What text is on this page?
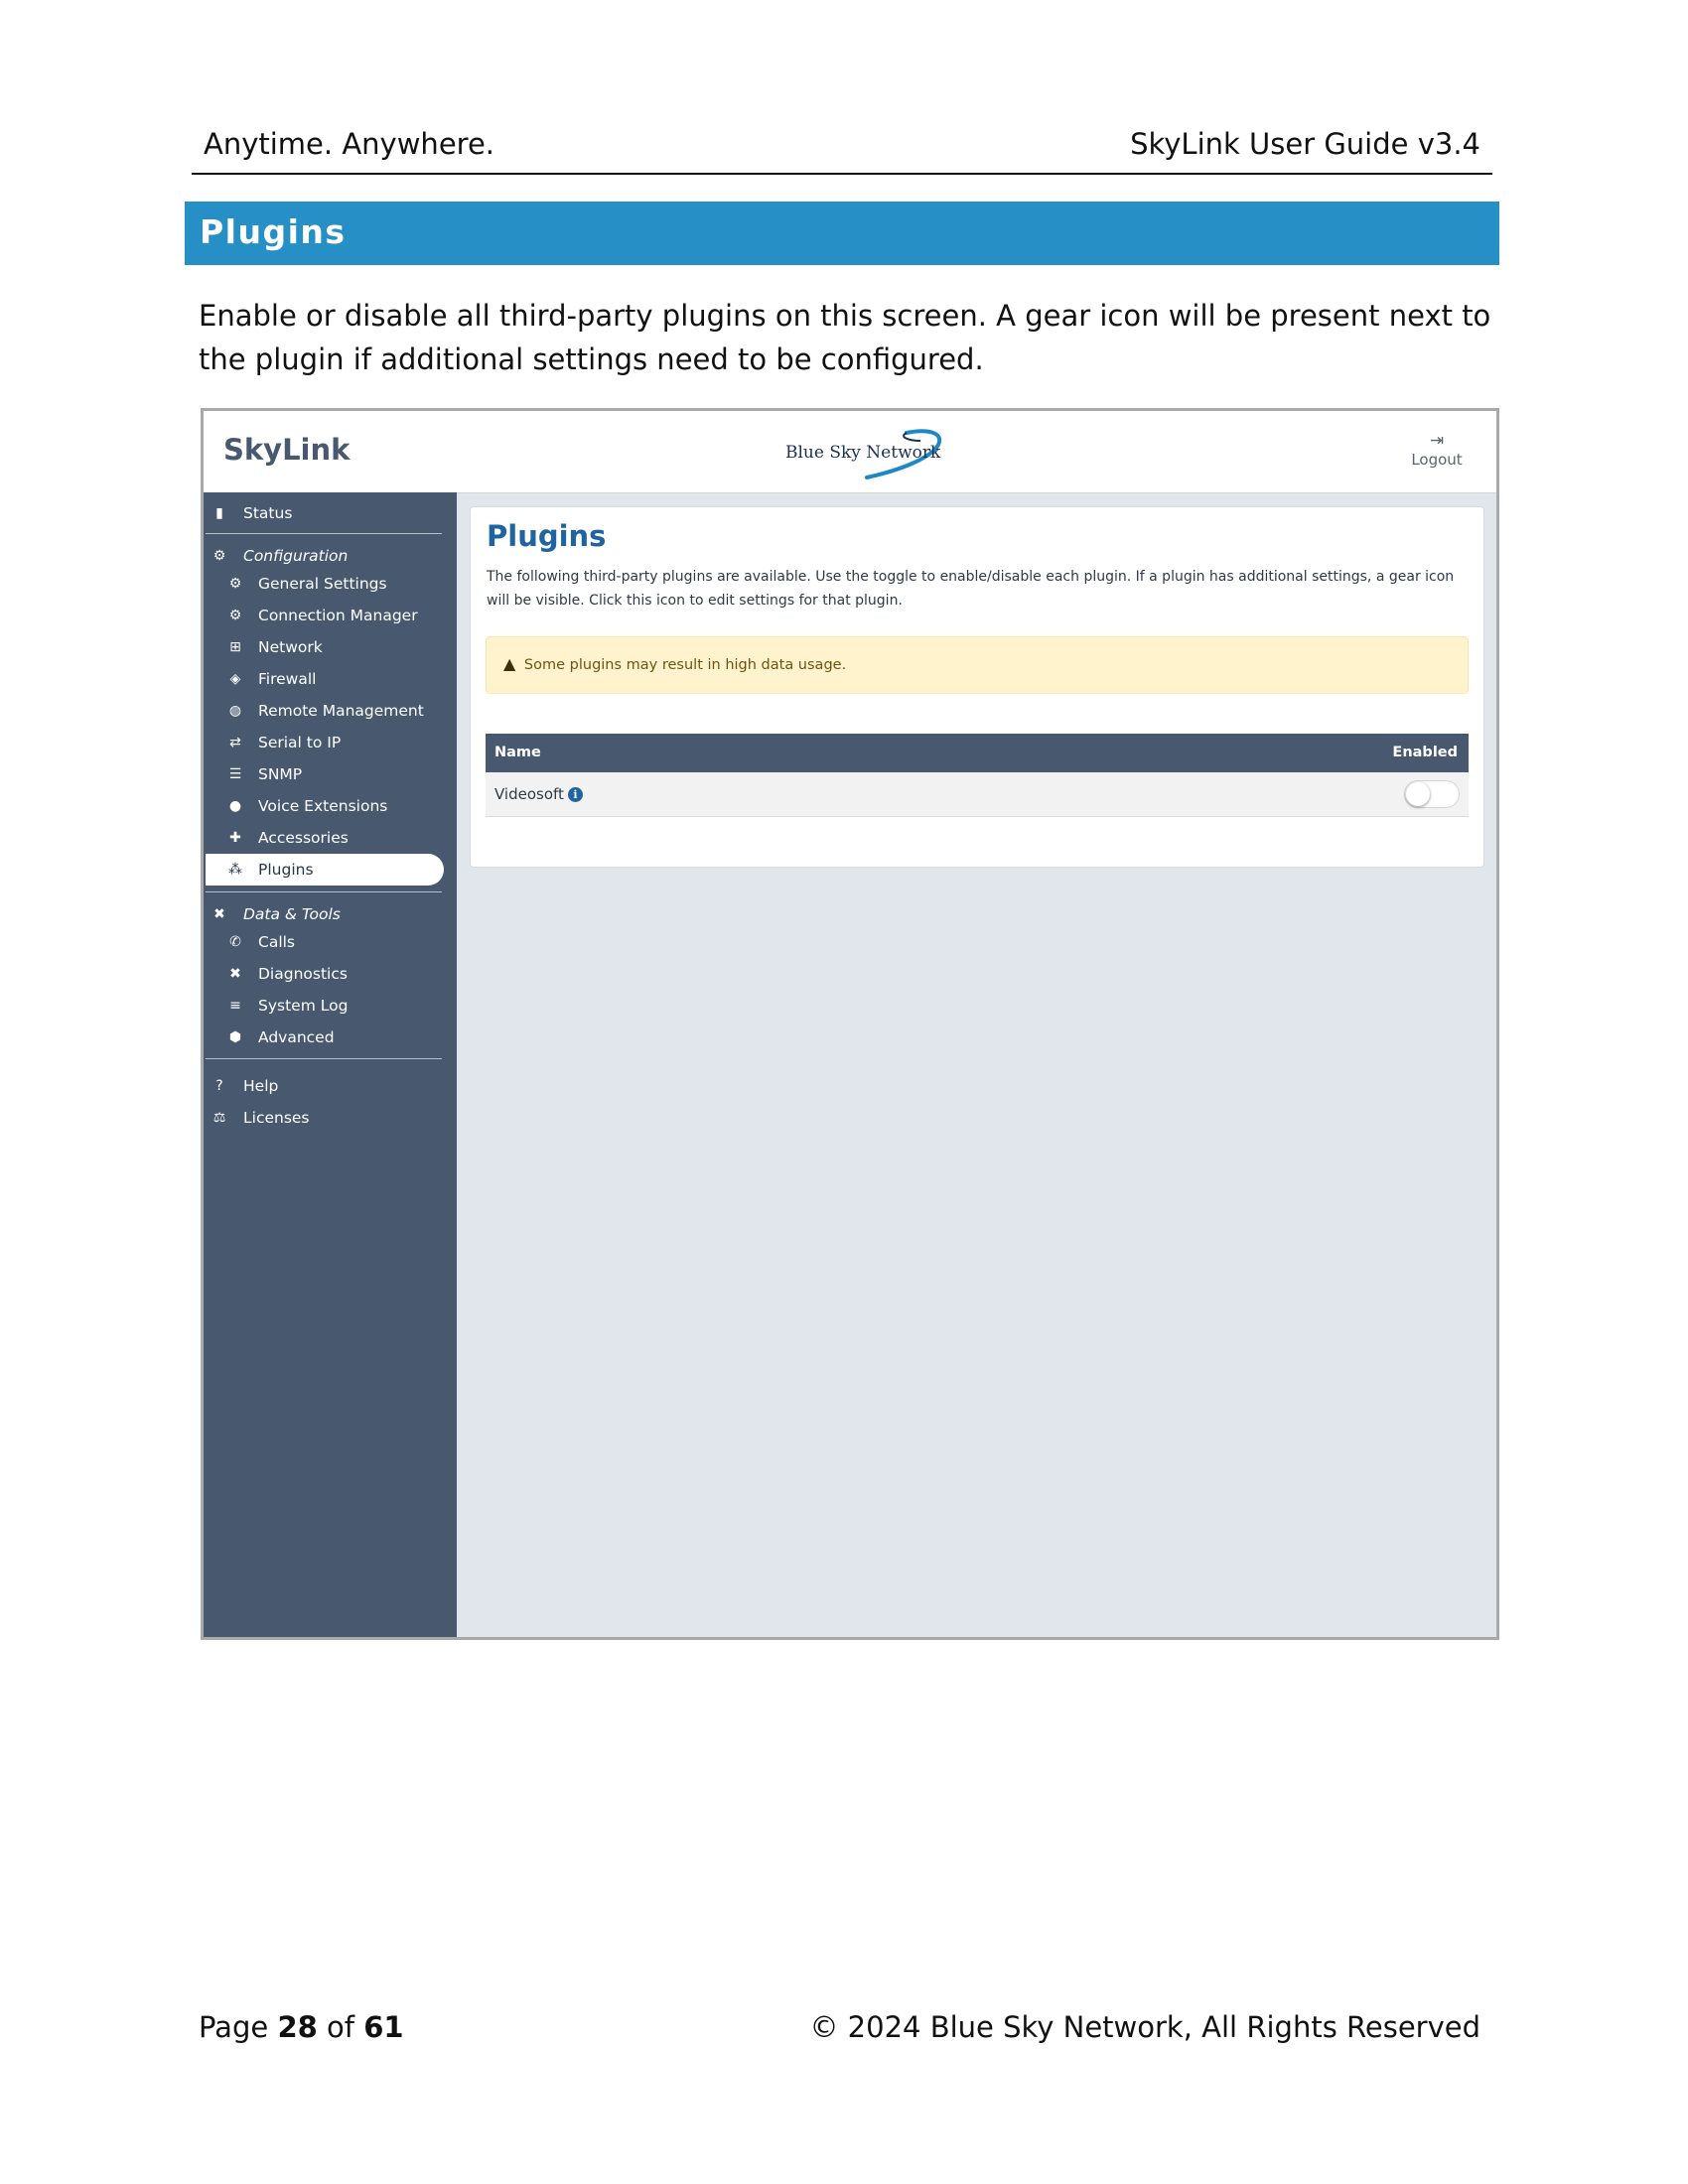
Anytime. Anywhere.	SkyLink User Guide v3.4
Plugins
Enable or disable all third-party plugins on this screen. A gear icon will be present next to the plugin if additional settings need to be configured.
SkyLink	Blue Sky Network
⇥
Logout
▮	Status
⚙	Configuration
⚙	General Settings
⚙	Connection Manager
⊞	Network
◈	Firewall
◍	Remote Management
⇄	Serial to IP
☰	SNMP
●	Voice Extensions
✚	Accessories
⁂	Plugins
✖	Data & Tools
✆	Calls
✖	Diagnostics
≡	System Log
⬢	Advanced
?	Help
⚖	Licenses
Plugins
The following third-party plugins are available. Use the toggle to enable/disable each plugin. If a plugin has additional settings, a gear icon will be visible. Click this icon to edit settings for that plugin.
▲ Some plugins may result in high data usage.
Name	Enabled
Videosoft i
Page 28 of 61	© 2024 Blue Sky Network, All Rights Reserved
